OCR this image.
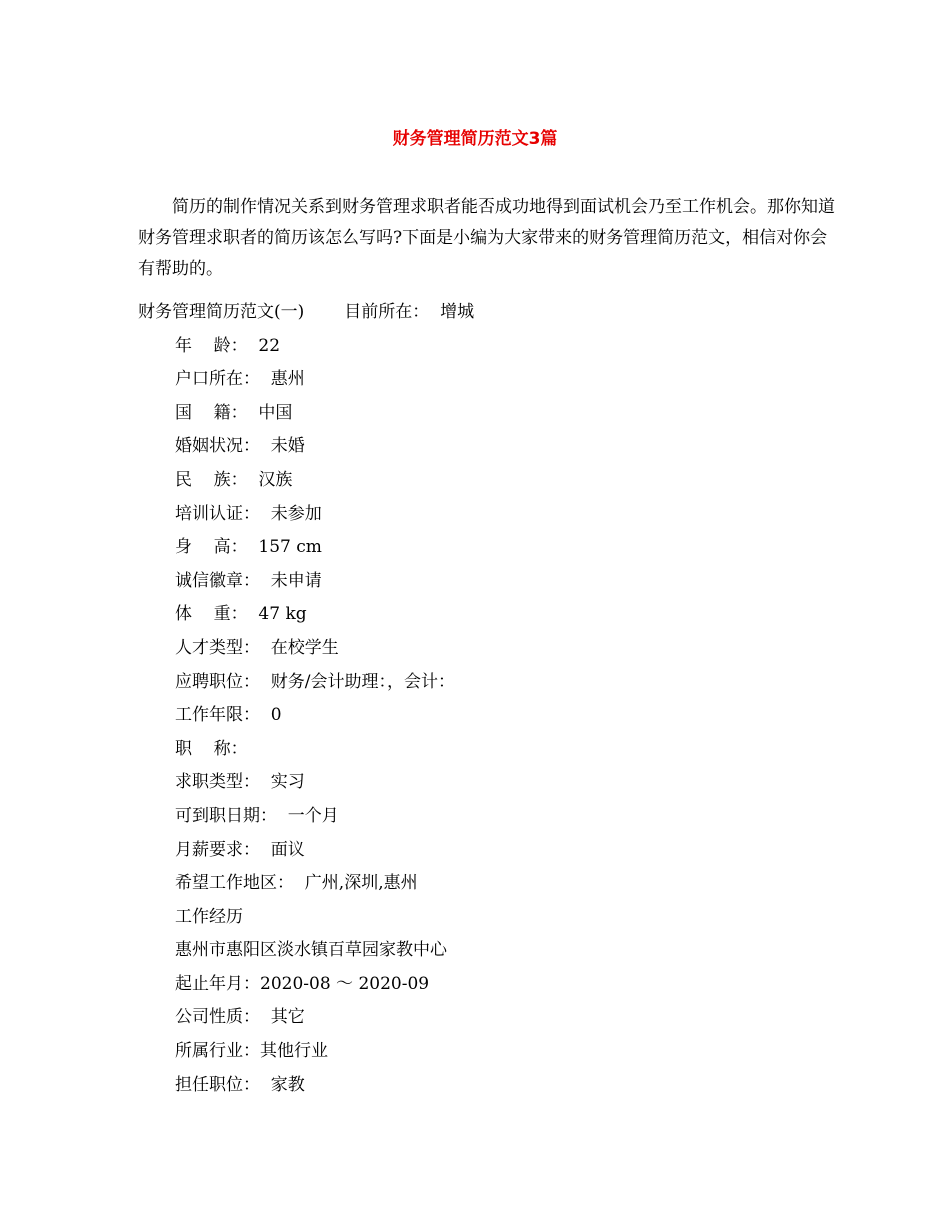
财务管理简历范文3篇

简历的制作情况关系到财务管理求职者能否成功地得到面试机会乃至工作机会。那你知道财务管理求职者的简历该怎么写吗?下面是小编为大家带来的财务管理简历范文，相信对你会有帮助的。

财务管理简历范文(一) 目前所在：  增城
年    龄：  22
户口所在：  惠州
国    籍：  中国
婚姻状况：  未婚
民    族：  汉族
培训认证：  未参加
身    高：  157 cm
诚信徽章：  未申请
体    重：  47 kg
人才类型：  在校学生
应聘职位：  财务/会计助理：，会计：
工作年限：  0
职    称：
求职类型：  实习
可到职日期：  一个月
月薪要求：  面议
希望工作地区：  广州,深圳,惠州
工作经历
惠州市惠阳区淡水镇百草园家教中心
起止年月：2020-08 ～ 2020-09
公司性质：  其它
所属行业：其他行业
担任职位：  家教
